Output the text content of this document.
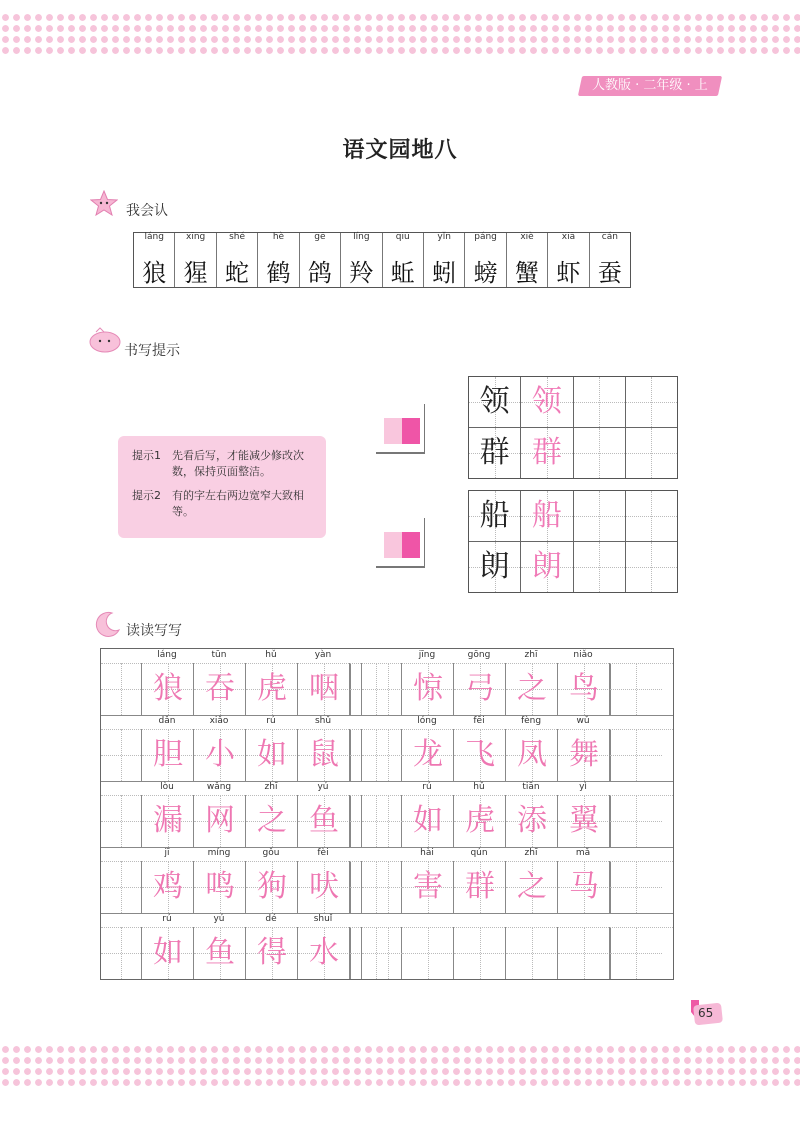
人教版 · 二年级 · 上
语文园地八
我会认
láng
狼
xīng
猩
shé
蛇
hè
鹤
gē
鸽
líng
羚
qiū
蚯
yǐn
蚓
páng
螃
xiè
蟹
xiā
虾
cán
蚕
书写提示
提示1	先看后写，才能减少修改次数，保持页面整洁。
提示2	有的字左右两边宽窄大致相等。
领 领
群 群
船 船
朗 朗
读读写写
láng
狼
tūn
吞
hǔ
虎
yàn
咽
jīng
惊
gōng
弓
zhī
之
niǎo
鸟
dǎn
胆
xiǎo
小
rú
如
shǔ
鼠
lóng
龙
fēi
飞
fèng
凤
wǔ
舞
lòu
漏
wǎng
网
zhī
之
yú
鱼
rú
如
hǔ
虎
tiān
添
yì
翼
jī
鸡
míng
鸣
gǒu
狗
fèi
吠
hài
害
qún
群
zhī
之
mǎ
马
rú
如
yú
鱼
dé
得
shuǐ
水
65
